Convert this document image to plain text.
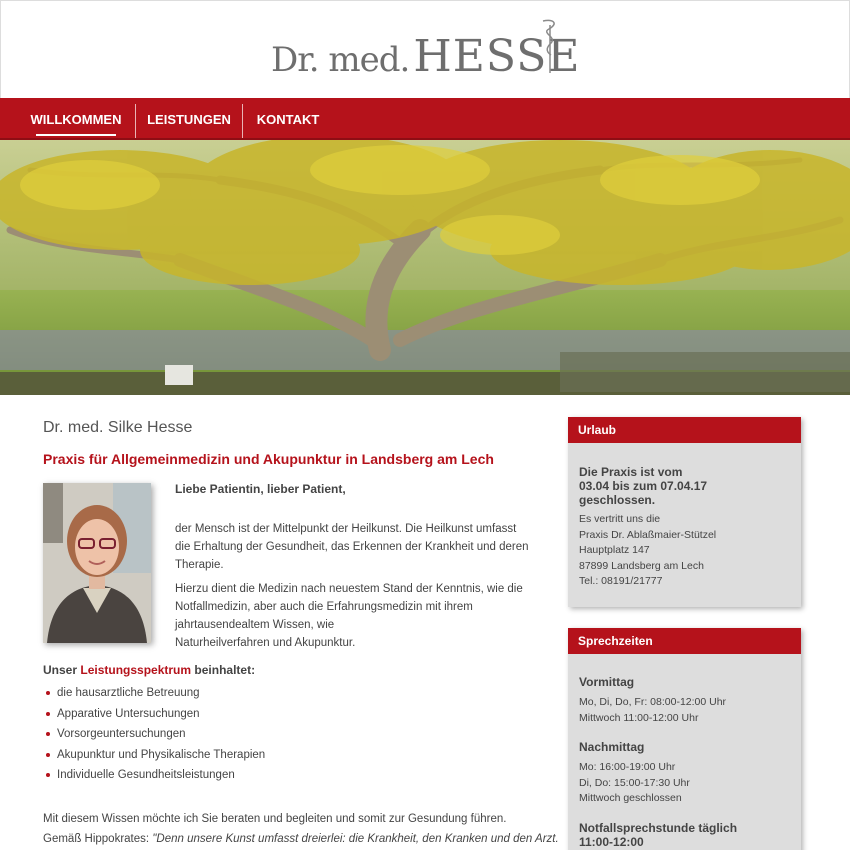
Dr. med.HESSE
WILLKOMMEN	LEISTUNGEN	KONTAKT
Dr. med. Silke Hesse
Praxis für Allgemeinmedizin und Akupunktur in Landsberg am Lech
Liebe Patientin, lieber Patient,
der Mensch ist der Mittelpunkt der Heilkunst. Die Heilkunst umfasst
die Erhaltung der Gesundheit, das Erkennen der Krankheit und deren
Therapie.
Hierzu dient die Medizin nach neuestem Stand der Kenntnis, wie die
Notfallmedizin, aber auch die Erfahrungsmedizin mit ihrem
jahrtausendealtem Wissen, wie
Naturheilverfahren und Akupunktur.
Unser Leistungsspektrum beinhaltet:
die hausarztliche Betreuung
Apparative Untersuchungen
Vorsorgeuntersuchungen
Akupunktur und Physikalische Therapien
Individuelle Gesundheitsleistungen
Mit diesem Wissen möchte ich Sie beraten und begleiten und somit zur Gesundung führen.
Gemäß Hippokrates: "Denn unsere Kunst umfasst dreierlei: die Krankheit, den Kranken und den Arzt.
Urlaub
Die Praxis ist vom
03.04 bis zum 07.04.17
geschlossen.
Es vertritt uns die
Praxis Dr. Ablaßmaier-Stützel
Hauptplatz 147
87899 Landsberg am Lech
Tel.: 08191/21777
Sprechzeiten
Vormittag
Mo, Di, Do, Fr: 08:00-12:00 Uhr
Mittwoch 11:00-12:00 Uhr
Nachmittag
Mo: 16:00-19:00 Uhr
Di, Do: 15:00-17:30 Uhr
Mittwoch geschlossen
Notfallsprechstunde täglich
11:00-12:00
